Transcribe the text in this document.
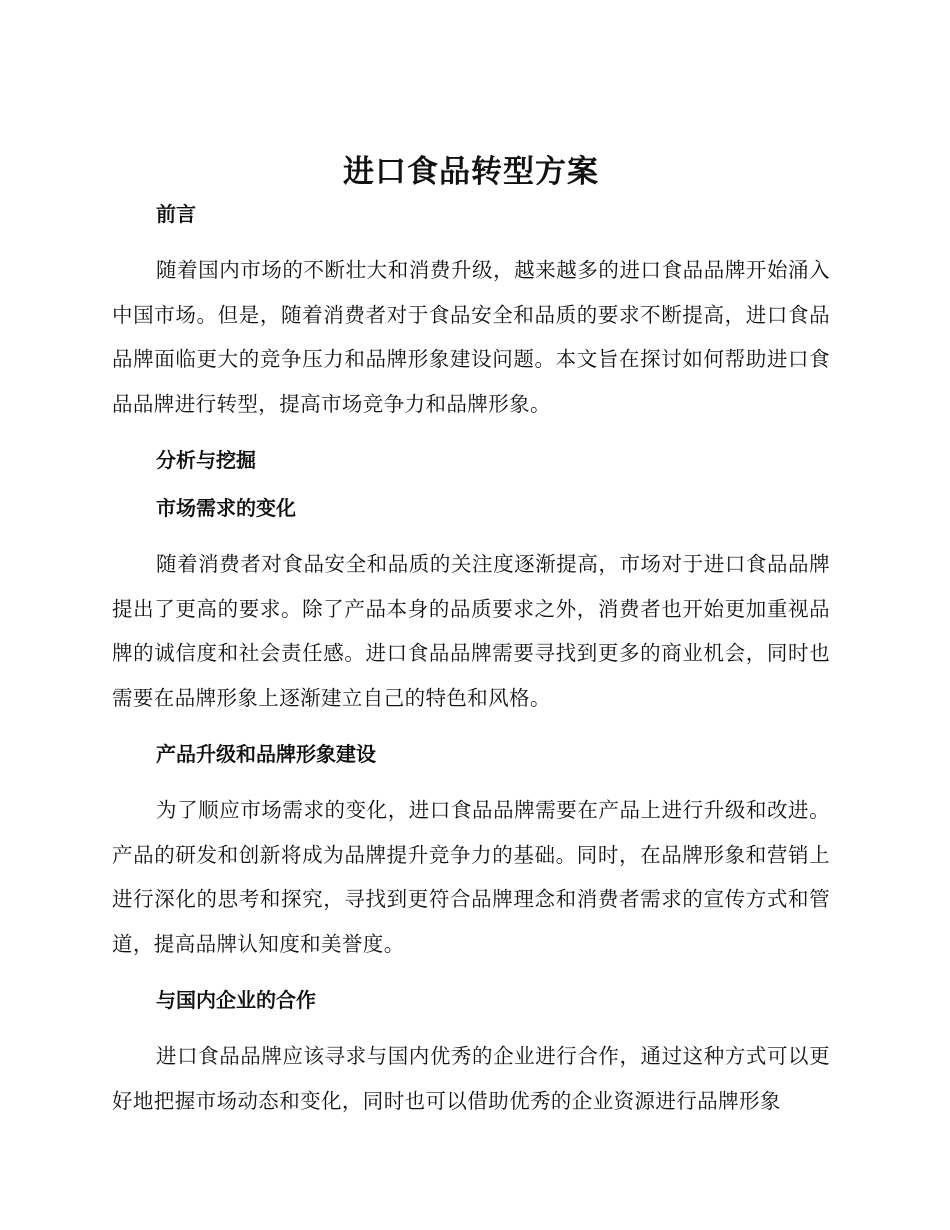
进口食品转型方案
前言
随着国内市场的不断壮大和消费升级，越来越多的进口食品品牌开始涌入中国市场。但是，随着消费者对于食品安全和品质的要求不断提高，进口食品品牌面临更大的竞争压力和品牌形象建设问题。本文旨在探讨如何帮助进口食品品牌进行转型，提高市场竞争力和品牌形象。
分析与挖掘
市场需求的变化
随着消费者对食品安全和品质的关注度逐渐提高，市场对于进口食品品牌提出了更高的要求。除了产品本身的品质要求之外，消费者也开始更加重视品牌的诚信度和社会责任感。进口食品品牌需要寻找到更多的商业机会，同时也需要在品牌形象上逐渐建立自己的特色和风格。
产品升级和品牌形象建设
为了顺应市场需求的变化，进口食品品牌需要在产品上进行升级和改进。产品的研发和创新将成为品牌提升竞争力的基础。同时，在品牌形象和营销上进行深化的思考和探究，寻找到更符合品牌理念和消费者需求的宣传方式和管道，提高品牌认知度和美誉度。
与国内企业的合作
进口食品品牌应该寻求与国内优秀的企业进行合作，通过这种方式可以更好地把握市场动态和变化，同时也可以借助优秀的企业资源进行品牌形象
